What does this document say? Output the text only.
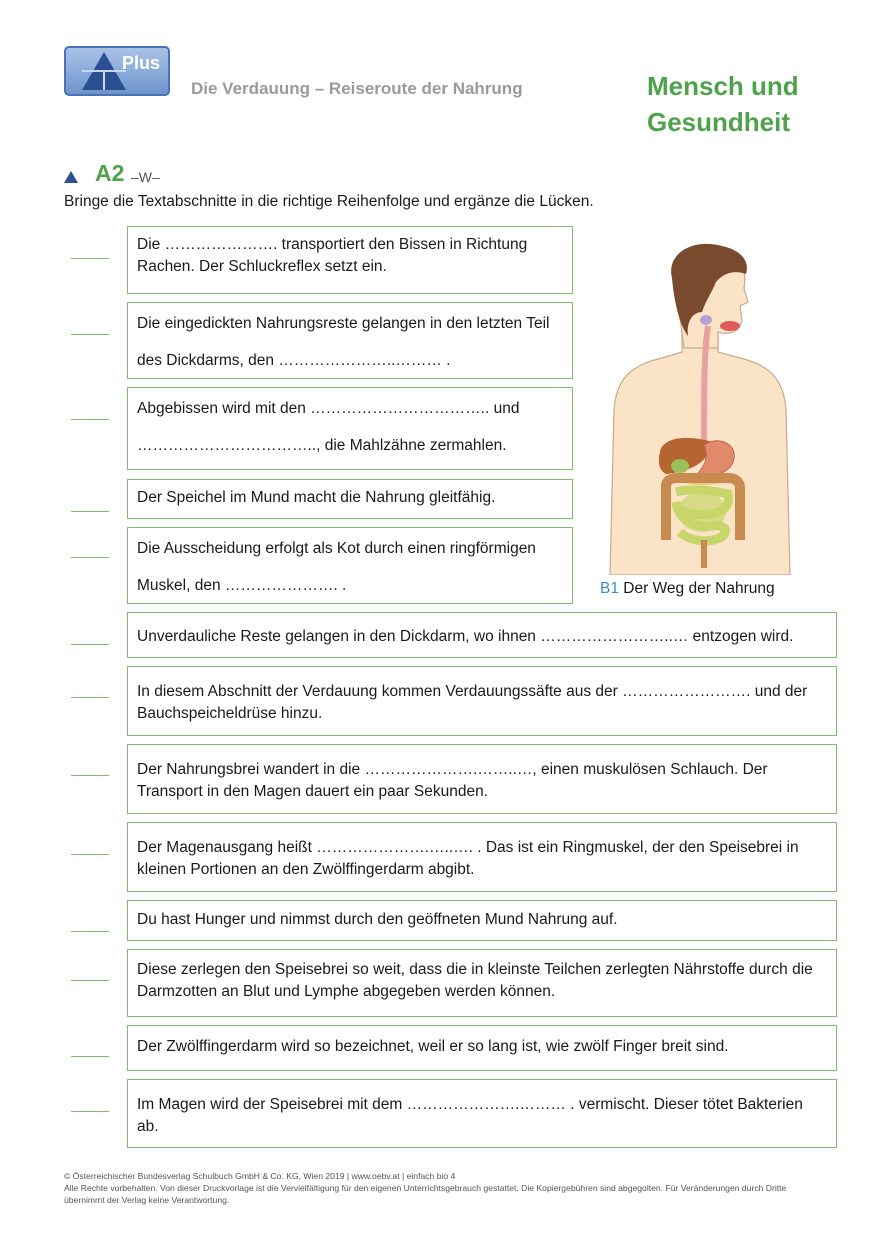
Plus
Die Verdauung – Reiseroute der Nahrung	Mensch und
Gesundheit
A2 –W–
Bringe die Textabschnitte in die richtige Reihenfolge und ergänze die Lücken.
Die …………………. transportiert den Bissen in Richtung Rachen. Der Schluckreflex setzt ein.
Die eingedickten Nahrungsreste gelangen in den letzten Teil des Dickdarms, den …………………..……… .
Abgebissen wird mit den …………………………….. und …………………………….., die Mahlzähne zermahlen.
Der Speichel im Mund macht die Nahrung gleitfähig.
Die Ausscheidung erfolgt als Kot durch einen ringförmigen Muskel, den …………………. .
Unverdauliche Reste gelangen in den Dickdarm, wo ihnen ……………………..… entzogen wird.
In diesem Abschnitt der Verdauung kommen Verdauungssäfte aus der ……………………. und der Bauchspeicheldrüse hinzu.
Der Nahrungsbrei wandert in die ………………….……..…, einen muskulösen Schlauch. Der Transport in den Magen dauert ein paar Sekunden.
Der Magenausgang heißt ………………….…..…. . Das ist ein Ringmuskel, der den Speisebrei in kleinen Portionen an den Zwölffingerdarm abgibt.
Du hast Hunger und nimmst durch den geöffneten Mund Nahrung auf.
Diese zerlegen den Speisebrei so weit, dass die in kleinste Teilchen zerlegten Nährstoffe durch die Darmzotten an Blut und Lymphe abgegeben werden können.
Der Zwölffingerdarm wird so bezeichnet, weil er so lang ist, wie zwölf Finger breit sind.
Im Magen wird der Speisebrei mit dem ………………….……… . vermischt. Dieser tötet Bakterien ab.
B1 Der Weg der Nahrung
© Österreichischer Bundesverlag Schulbuch GmbH & Co. KG, Wien 2019 | www.oebv.at | einfach bio 4
Alle Rechte vorbehalten. Von dieser Druckvorlage ist die Vervielfältigung für den eigenen Unterrichtsgebrauch gestattet. Die Kopiergebühren sind abgegolten. Für Veränderungen durch Dritte übernimmt der Verlag keine Verantwortung.
